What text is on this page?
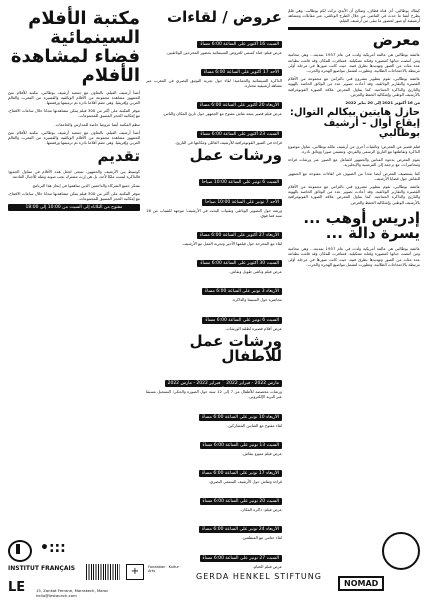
كِيفاك بوطالبي، أم. قناة قطاف، وصالح أن الأيدي تركت لكم بوطالب. وهي فلمٌ يطرح أيضا ما حدث في الماضي من خلال الطرح الوثائقي، عبر مقابلات ومشاهد أرشيفية أو صور لحضور ما تبقى من أرشيف الفيلم.
معرض
عائشة بوطالبي هي عالمة أمريكية ولدت في عام 1957 بمدينة... وهي محامية ومن أمضت حياتها كمصورة وفنانة تشكيلية. فسافرت للمكان وقد قامت بطباعة عدة مئات من الصور وتهديدها بطرق فنية، حيث كانت صورها في مرحلة أولى مرتبطة بالاحتجاجات الطلابية، وتطورت لتشمل مواضيع الهجرة والحرب.
عائشة بوطالبي، تقوم بتطوير مشروع فني بالتزامن مع مجموعة من الأفلام القصيرة والتقارير الوثائقية. وقد أعادت تصوير عدد من الوثائق الخاصة بالهوية والتاريخ والذاكرة الجماعية. كما يتناول المعرض علاقة الصورة الفوتوغرافية بالأرشيف الوطني وإشكالية الحفظ والعرض.
من 16 أكتوبر 2021 إلى 20 يناير 2022
حازل هايتين بيكالم التوال: إيقاعِ أوال - أرشيف بوطالبي
فيلم قصير عن المعرض؛ وثائقيات أخرى من أرشيف عائلة بوطالبي، تتناول موضوع الذاكرة وتقاطعها مع التاريخ الرسمي والفردي، وتتضمن صورا ووثائق نادرة.
يقوم المعرض بدعوة الفنانين والجمهور للتفاعل مع الصور عبر ورشات قراءة ومحاضرات، مع ترجمة إلى الفرنسية والإنجليزية.
كما يستضيف المعرض أيضا عددا من الضيوف في لقاءات مفتوحة مع الجمهور للنقاش حول قضايا الأرشيف.
عائشة بوطالبي، تقوم بتطوير مشروع فني بالتزامن مع مجموعة من الأفلام القصيرة والتقارير الوثائقية. وقد أعادت تصوير عدد من الوثائق الخاصة بالهوية والتاريخ والذاكرة الجماعية. كما يتناول المعرض علاقة الصورة الفوتوغرافية بالأرشيف الوطني وإشكالية الحفظ والعرض.
إدريس أوهب ... يسرة دالة ...
عائشة بوطالبي هي عالمة أمريكية ولدت في عام 1957 بمدينة... وهي محامية ومن أمضت حياتها كمصورة وفنانة تشكيلية. فسافرت للمكان وقد قامت بطباعة عدة مئات من الصور وتهديدها بطرق فنية، حيث كانت صورها في مرحلة أولى مرتبطة بالاحتجاجات الطلابية، وتطورت لتشمل مواضيع الهجرة والحرب.
عروض / لقاءات
السبت 16 أكتوبر على الساعة 6:00 مساءً
عرض فيلم: قناة كسمي للعروض السينمائية بحضور المخرجين الوثائقيين.
الأحد 17 أكتوبر على الساعة 6:00 مساءً
الذاكرة السينمائية والجماعية؛ لقاء حول تجربة التوثيق البصري في المغرب عبر مشاهد أرشيفية مختارة.
الأربعاء 20 أكتوبر على الساعة 6:00 مساءً
عرض فيلم قصير يتبعه نقاش مفتوح مع الجمهور حول تاريخ المكان والناس.
السبت 23 أكتوبر على الساعة 6:00 مساءً
قراءة في الصور الفوتوغرافية للأرشيف العائلي ومكانتها في التاريخ.
ورشات عمل
السبت 6 نونبر على الساعة 10:00 صباحاًالأحد 7 نونبر على الساعة 10:00 صباحاً
ورشة حول التصوير الوثائقي وتقنيات البحث في الأرشيف؛ موجهة للشباب من 16 سنة فما فوق.
الأربعاء 27 أكتوبر على الساعة 6:00 مساءً
لقاء مع المخرجة حول فيلمها الأخير وتجربة العمل مع الأرشيف.
السبت 30 أكتوبر على الساعة 6:00 مساءً
عرض فيلم وثائقي طويل ونقاش.
الأربعاء 3 نونبر على الساعة 6:00 مساءً
محاضرة حول السينما والذاكرة.
السبت 6 نونبر على الساعة 6:00 مساءً
عرض أفلام قصيرة لطلبة الورشات.
ورشات عمل للأطفال
مارس 2022 - فبراير 2022فبراير 2022 - مارس 2022
ورشات مخصصة للأطفال من 7 إلى 12 سنة حول الصورة والحكي؛ التسجيل مسبقا عبر البريد الإلكتروني.
الأربعاء 10 نونبر على الساعة 6:00 مساءً
لقاء مفتوح مع الفنانين المشاركين.
السبت 13 نونبر على الساعة 6:00 مساءً
عرض فيلم متبوع بنقاش.
الأربعاء 17 نونبر على الساعة 6:00 مساءً
قراءة ونقاش حول الأرشيف السمعي البصري.
السبت 20 نونبر على الساعة 6:00 مساءً
عرض فيلم: ذاكرة المكان.
الأربعاء 24 نونبر على الساعة 6:00 مساءً
لقاء ختامي مع المنظمين.
السبت 27 نونبر على الساعة 6:00 مساءً
عرض فيلم الختام.
مكتبة الأفلام السينمائية فضاء لمشاهدة الأفلام
أنشأ أرشيف الفيلم، بالتعاون مع جمعية أرشيف بوطالبي، مكتبة للأفلام تتيح للجمهور مشاهدة مجموعة من الأفلام الوثائقية والقصيرة من المغرب والعالم العربي وإفريقيا. وهي تضم أفلاما نادرة تم ترميمها ورقمنتها.
تتوفر المكتبة على أكثر من 300 فيلم يمكن مشاهدتها مجانا خلال ساعات الافتتاح، مع إمكانية الحجز المسبق للمجموعات.
تنظم المكتبة أيضا عروضا خاصة للمدارس والجامعات.
أنشأ أرشيف الفيلم، بالتعاون مع جمعية أرشيف بوطالبي، مكتبة للأفلام تتيح للجمهور مشاهدة مجموعة من الأفلام الوثائقية والقصيرة من المغرب والعالم العربي وإفريقيا. وهي تضم أفلاما نادرة تم ترميمها ورقمنتها.
تقديم
كوسيط بين الأرشيف والجمهور، نسعى لجعل هذه الأفلام في متناول الجميع؛ فالذاكرة ليست ملكا لأحد، بل هي إرث مشترك يجب صونه ونقله للأجيال القادمة.
نشكر جميع الشركاء والداعمين الذين ساهموا في إنجاز هذا البرنامج.
تتوفر المكتبة على أكثر من 300 فيلم يمكن مشاهدتها مجانا خلال ساعات الافتتاح، مع إمكانية الحجز المسبق للمجموعات.
مفتوح من الثلاثاء إلى السبت من 10:00 إلى 18:00
•:::
INSTITUT FRANÇAIS
LE
+	Fondation · Kultur · Arts
GERDA HENKEL STIFTUNG
NOMAD
15, Zankat Ferrane, Marrakech, Maroc
hello@lestaunch.com
